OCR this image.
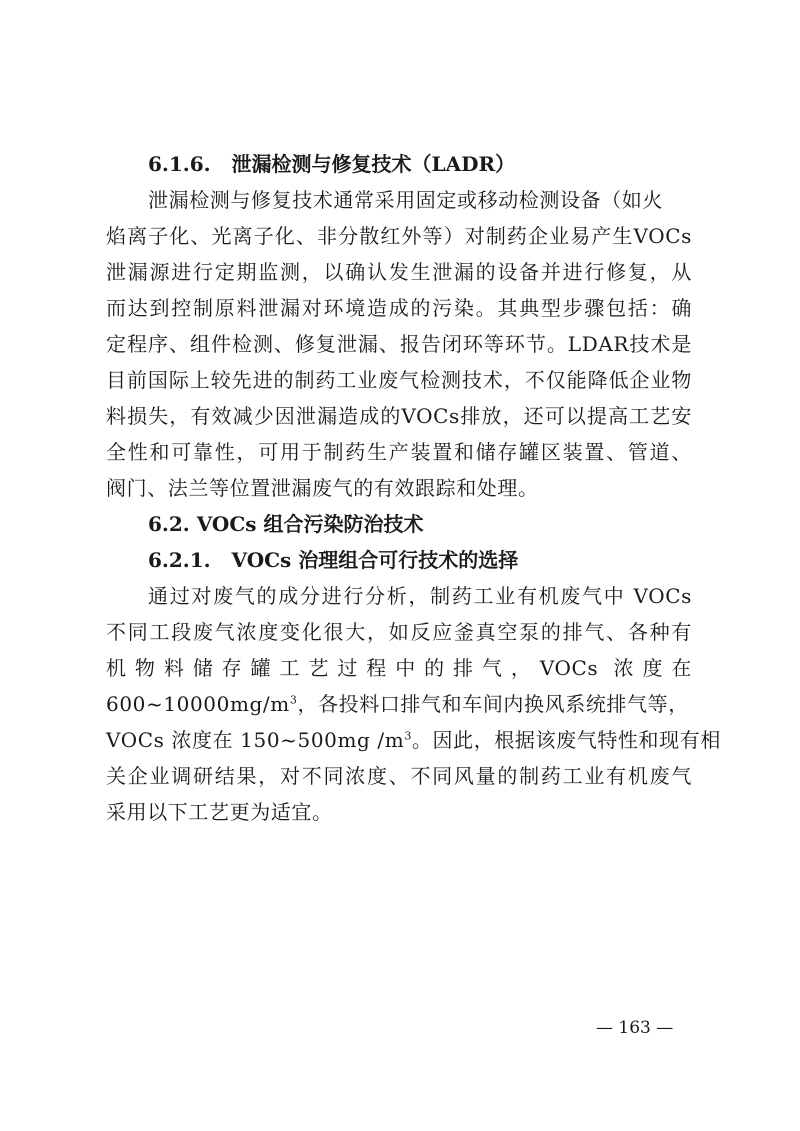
6.1.6. 泄漏检测与修复技术（LADR）
泄漏检测与修复技术通常采用固定或移动检测设备（如火
焰离子化、光离子化、非分散红外等）对制药企业易产生VOCs
泄漏源进行定期监测，以确认发生泄漏的设备并进行修复，从
而达到控制原料泄漏对环境造成的污染。其典型步骤包括：确
定程序、组件检测、修复泄漏、报告闭环等环节。LDAR技术是
目前国际上较先进的制药工业废气检测技术，不仅能降低企业物
料损失，有效减少因泄漏造成的VOCs排放，还可以提高工艺安
全性和可靠性，可用于制药生产装置和储存罐区装置、管道、
阀门、法兰等位置泄漏废气的有效跟踪和处理。
6.2. VOCs 组合污染防治技术
6.2.1. VOCs 治理组合可行技术的选择
通过对废气的成分进行分析，制药工业有机废气中 VOCs
不同工段废气浓度变化很大，如反应釜真空泵的排气、各种有
机物料储存罐工艺过程中的排气，VOCs 浓度在
$600\sim 10000mg/m^3$，各投料口排气和车间内换风系统排气等，
VOCs 浓度在 150~500mg $/m^3$。因此，根据该废气特性和现有相
关企业调研结果，对不同浓度、不同风量的制药工业有机废气
采用以下工艺更为适宜。
— 163 —
